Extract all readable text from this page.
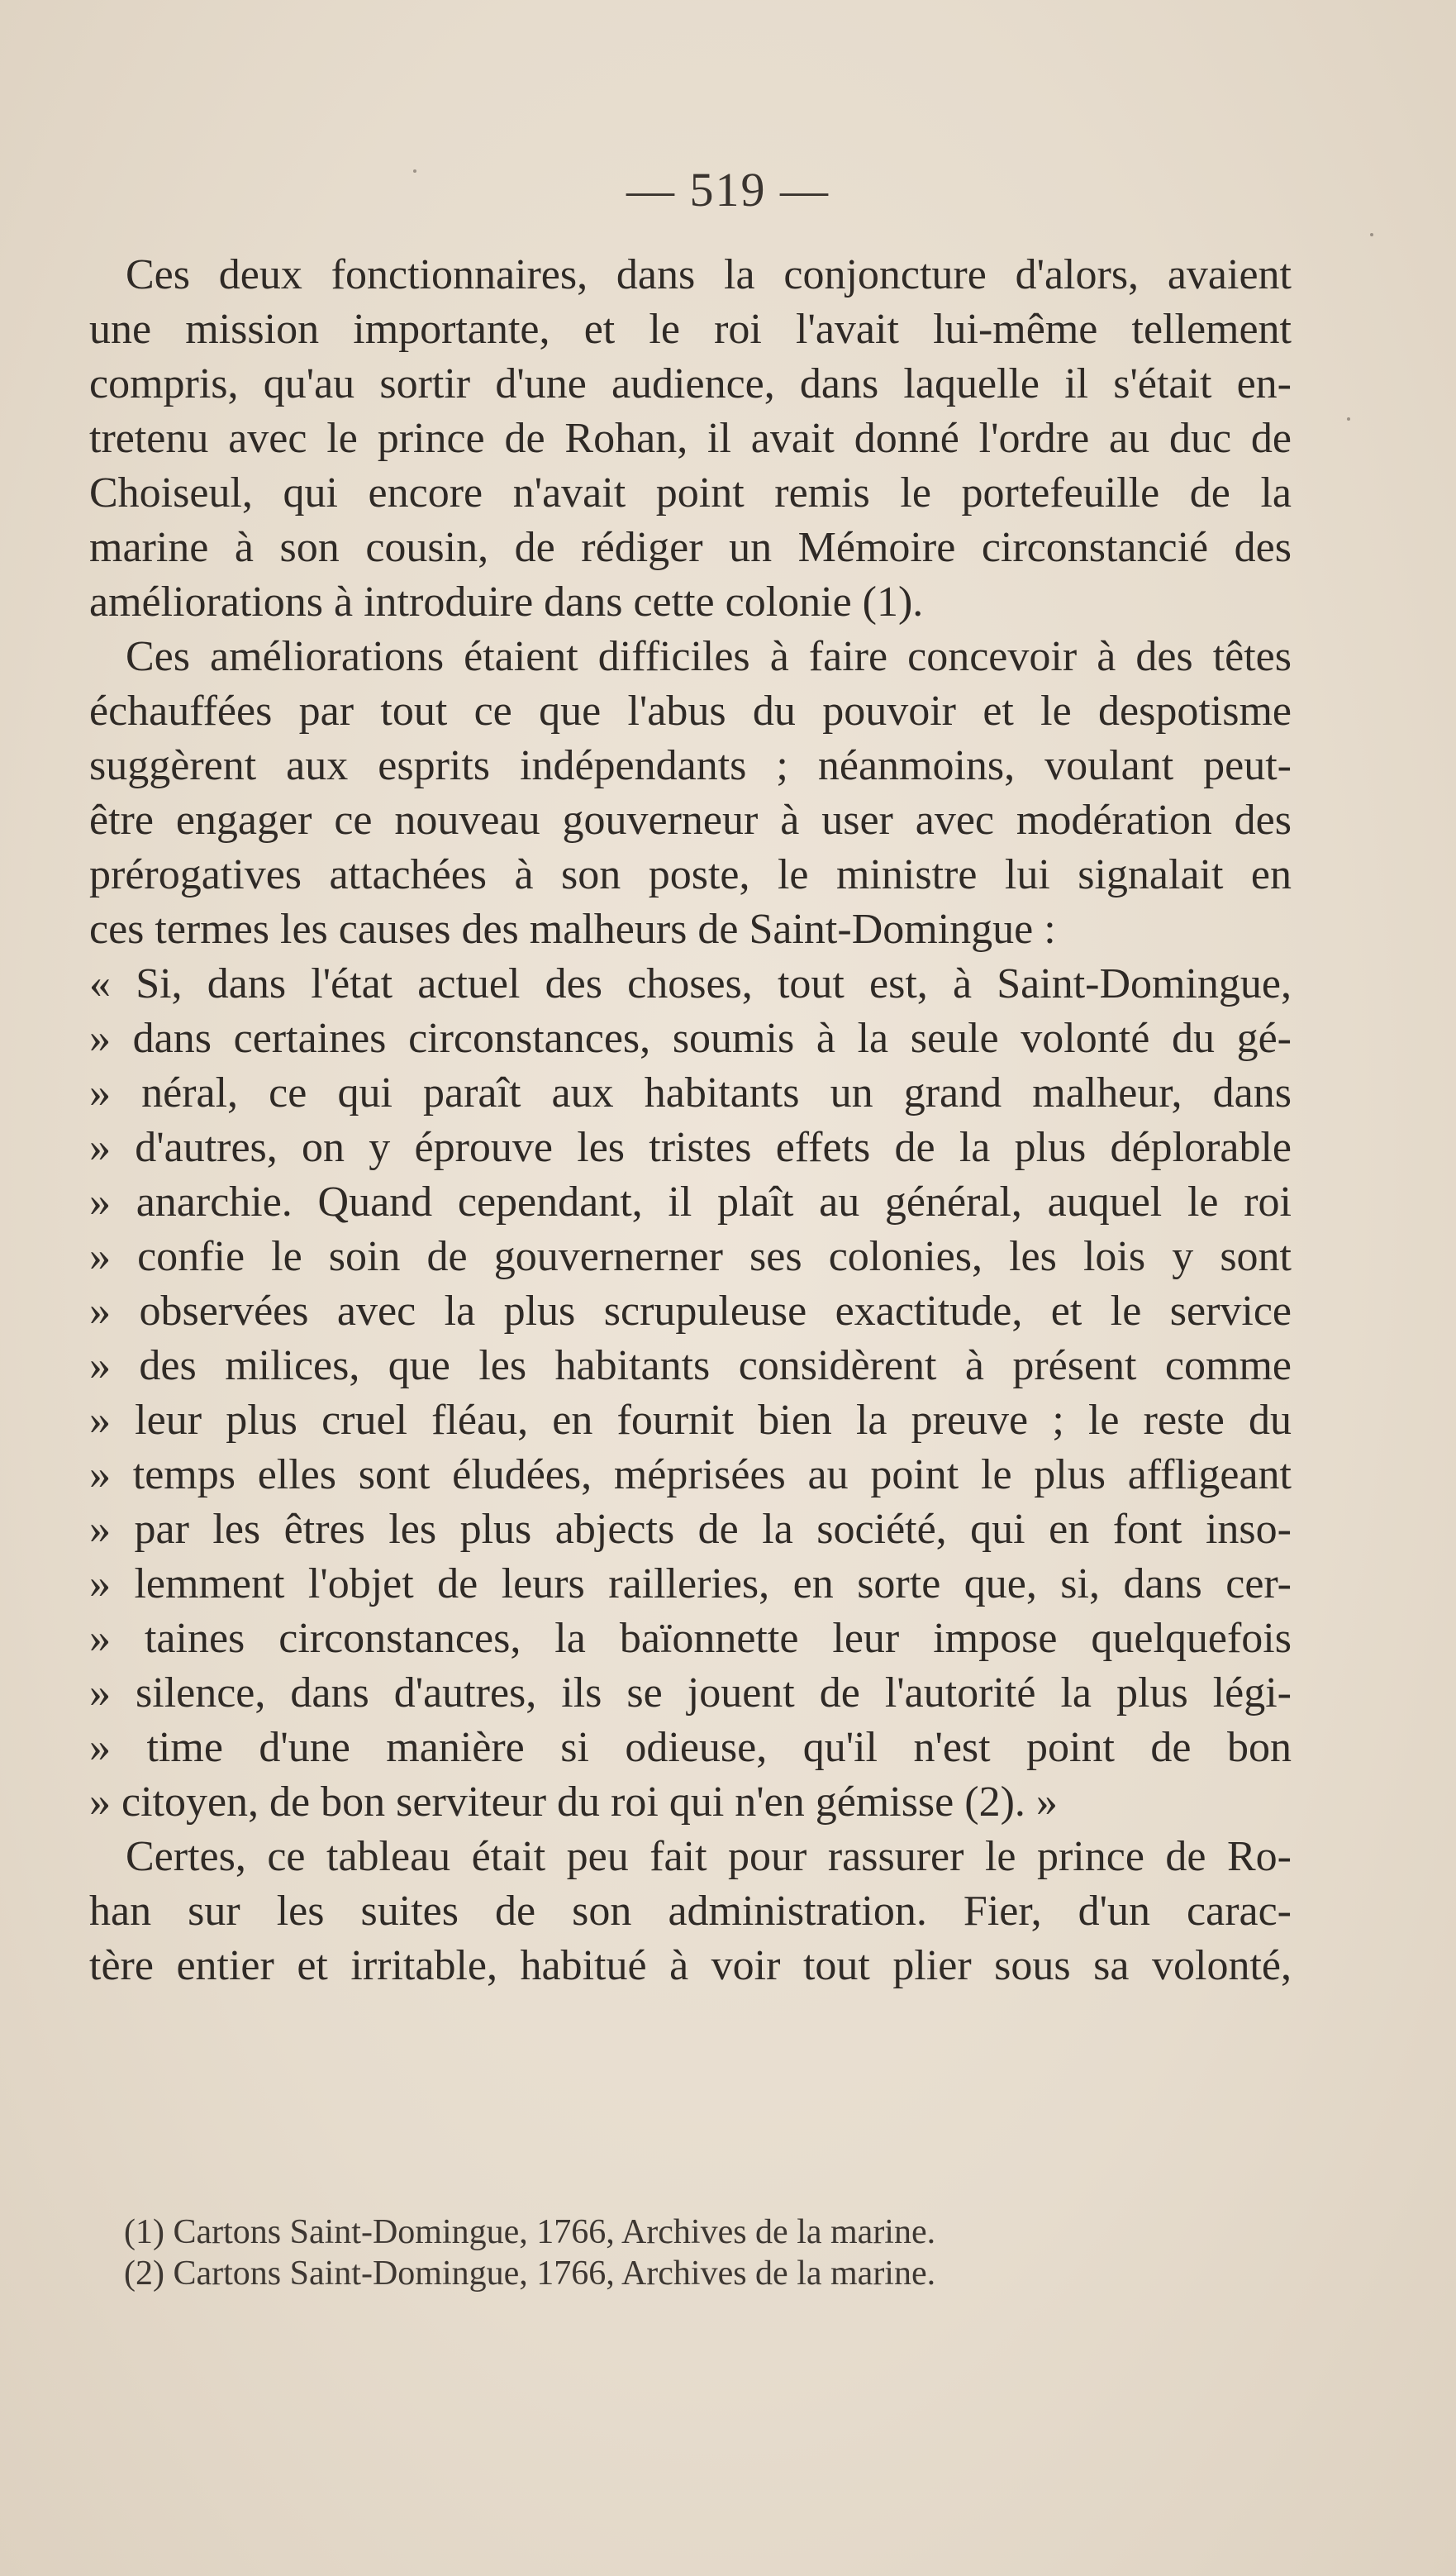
— 519 —
Ces deux fonctionnaires, dans la conjoncture d'alors, avaient
une mission importante, et le roi l'avait lui-même tellement
compris, qu'au sortir d'une audience, dans laquelle il s'était en-
tretenu avec le prince de Rohan, il avait donné l'ordre au duc de
Choiseul, qui encore n'avait point remis le portefeuille de la
marine à son cousin, de rédiger un Mémoire circonstancié des
améliorations à introduire dans cette colonie (1).
Ces améliorations étaient difficiles à faire concevoir à des têtes
échauffées par tout ce que l'abus du pouvoir et le despotisme
suggèrent aux esprits indépendants ; néanmoins, voulant peut-
être engager ce nouveau gouverneur à user avec modération des
prérogatives attachées à son poste, le ministre lui signalait en
ces termes les causes des malheurs de Saint-Domingue :
« Si, dans l'état actuel des choses, tout est, à Saint-Domingue,
» dans certaines circonstances, soumis à la seule volonté du gé-
» néral, ce qui paraît aux habitants un grand malheur, dans
» d'autres, on y éprouve les tristes effets de la plus déplorable
» anarchie. Quand cependant, il plaît au général, auquel le roi
» confie le soin de gouvernerner ses colonies, les lois y sont
» observées avec la plus scrupuleuse exactitude, et le service
» des milices, que les habitants considèrent à présent comme
» leur plus cruel fléau, en fournit bien la preuve ; le reste du
» temps elles sont éludées, méprisées au point le plus affligeant
» par les êtres les plus abjects de la société, qui en font inso-
» lemment l'objet de leurs railleries, en sorte que, si, dans cer-
» taines circonstances, la baïonnette leur impose quelquefois
» silence, dans d'autres, ils se jouent de l'autorité la plus légi-
» time d'une manière si odieuse, qu'il n'est point de bon
» citoyen, de bon serviteur du roi qui n'en gémisse (2). »
Certes, ce tableau était peu fait pour rassurer le prince de Ro-
han sur les suites de son administration. Fier, d'un carac-
tère entier et irritable, habitué à voir tout plier sous sa volonté,
(1) Cartons Saint-Domingue, 1766, Archives de la marine.
(2) Cartons Saint-Domingue, 1766, Archives de la marine.
